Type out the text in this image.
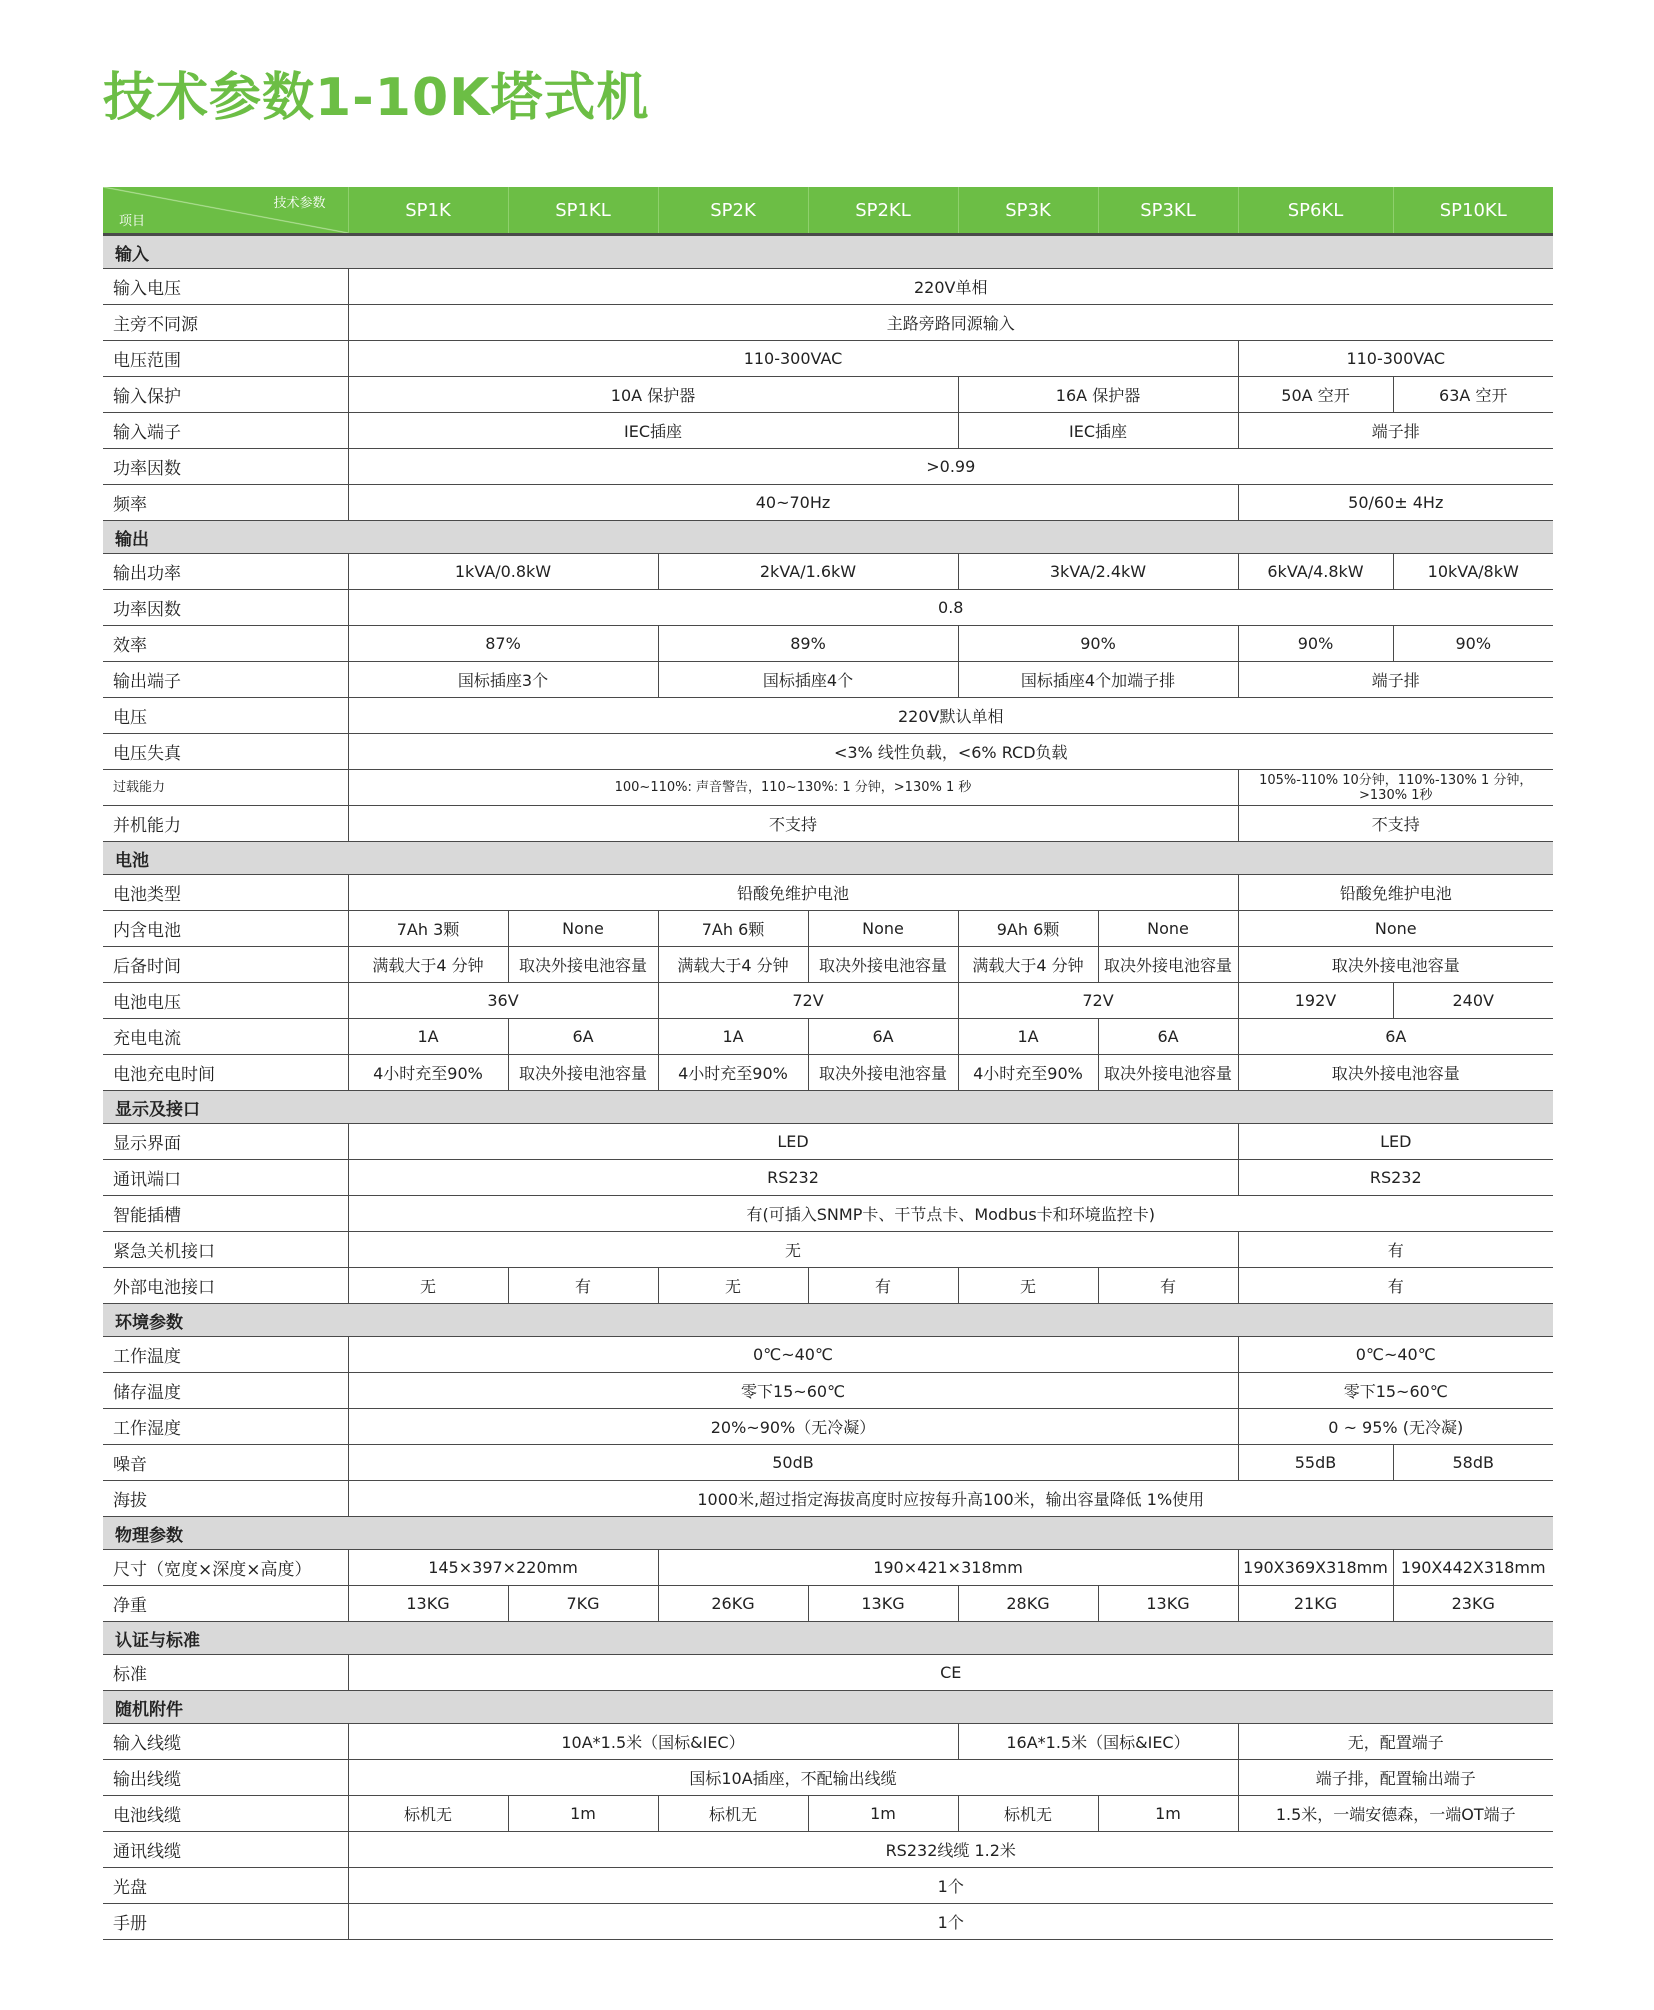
技术参数1-10K塔式机
技术参数
项目	SP1K	SP1KL	SP2K	SP2KL	SP3K	SP3KL	SP6KL	SP10KL
输入								
输入电压	220V单相							
主旁不同源	主路旁路同源输入							
电压范围	110-300VAC						110-300VAC	
输入保护	10A 保护器				16A 保护器		50A 空开	63A 空开
输入端子	IEC插座				IEC插座		端子排	
功率因数	>0.99							
频率	40~70Hz						50/60± 4Hz	
输出								
输出功率	1kVA/0.8kW		2kVA/1.6kW		3kVA/2.4kW		6kVA/4.8kW	10kVA/8kW
功率因数	0.8							
效率	87%		89%		90%		90%	90%
输出端子	国标插座3个		国标插座4个		国标插座4个加端子排		端子排	
电压	220V默认单相							
电压失真	<3% 线性负载，<6% RCD负载							
过载能力	100~110%: 声音警告，110~130%: 1 分钟，>130% 1 秒						105%-110% 10分钟，110%-130% 1 分钟，>130% 1秒	
并机能力	不支持						不支持	
电池								
电池类型	铅酸免维护电池						铅酸免维护电池	
内含电池	7Ah 3颗	None	7Ah 6颗	None	9Ah 6颗	None	None	
后备时间	满载大于4 分钟	取决外接电池容量	满载大于4 分钟	取决外接电池容量	满载大于4 分钟	取决外接电池容量	取决外接电池容量	
电池电压	36V		72V		72V		192V	240V
充电电流	1A	6A	1A	6A	1A	6A	6A	
电池充电时间	4小时充至90%	取决外接电池容量	4小时充至90%	取决外接电池容量	4小时充至90%	取决外接电池容量	取决外接电池容量	
显示及接口								
显示界面	LED						LED	
通讯端口	RS232						RS232	
智能插槽	有(可插入SNMP卡、干节点卡、Modbus卡和环境监控卡)							
紧急关机接口	无						有	
外部电池接口	无	有	无	有	无	有	有	
环境参数								
工作温度	0℃~40℃						0℃~40℃	
储存温度	零下15~60℃						零下15~60℃	
工作湿度	20%~90%（无冷凝）						0 ~ 95% (无冷凝)	
噪音	50dB						55dB	58dB
海拔	1000米,超过指定海拔高度时应按每升高100米，输出容量降低 1%使用							
物理参数								
尺寸（宽度×深度×高度）	145×397×220mm		190×421×318mm				190X369X318mm	190X442X318mm
净重	13KG	7KG	26KG	13KG	28KG	13KG	21KG	23KG
认证与标准								
标准	CE							
随机附件								
输入线缆	10A*1.5米（国标&IEC）				16A*1.5米（国标&IEC）		无，配置端子	
输出线缆	国标10A插座，不配输出线缆						端子排，配置输出端子	
电池线缆	标机无	1m	标机无	1m	标机无	1m	1.5米，一端安德森，一端OT端子	
通讯线缆	RS232线缆 1.2米							
光盘	1个							
手册	1个							
